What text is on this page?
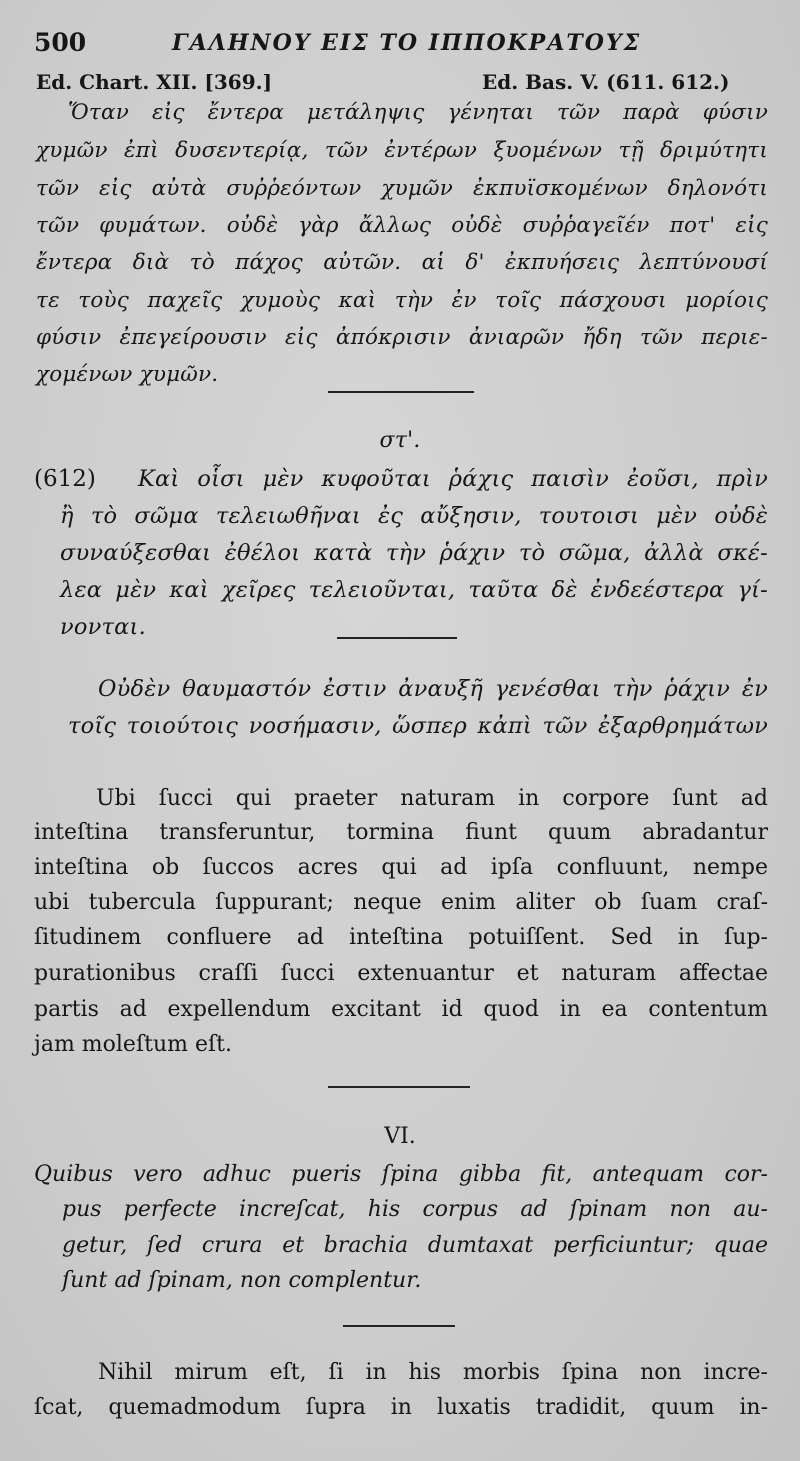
500	ΓΑΛΗΝΟΥ ΕΙΣ ΤΟ ΙΠΠΟΚΡΑΤΟΥΣ
Ed. Chart. XII. [369.]	Ed. Bas. V. (611. 612.)
Ὅταν εἰς ἔντερα μετάληψις γένηται τῶν παρὰ φύσιν
χυμῶν ἐπὶ δυσεντερίᾳ, τῶν ἐντέρων ξυομένων τῇ δριμύτητι
τῶν εἰς αὐτὰ συῤῥεόντων χυμῶν ἐκπυϊσκομένων δηλονότι
τῶν φυμάτων. οὐδὲ γὰρ ἄλλως οὐδὲ συῤῥαγεῖέν ποτ' εἰς
ἔντερα διὰ τὸ πάχος αὐτῶν. αἱ δ' ἐκπυήσεις λεπτύνουσί
τε τοὺς παχεῖς χυμοὺς καὶ τὴν ἐν τοῖς πάσχουσι μορίοις
φύσιν ἐπεγείρουσιν εἰς ἀπόκρισιν ἀνιαρῶν ἤδη τῶν περιε-
χομένων χυμῶν.
στ'.
(612) Καὶ οἷσι μὲν κυφοῦται ῥάχις παισὶν ἐοῦσι, πρὶν
ἢ τὸ σῶμα τελειωθῆναι ἐς αὔξησιν, τουτοισι μὲν οὐδὲ
συναύξεσθαι ἐθέλοι κατὰ τὴν ῥάχιν τὸ σῶμα, ἀλλὰ σκέ-
λεα μὲν καὶ χεῖρες τελειοῦνται, ταῦτα δὲ ἐνδεέστερα γί-
νονται.
Οὐδὲν θαυμαστόν ἐστιν ἀναυξῆ γενέσθαι τὴν ῥάχιν ἐν
τοῖς τοιούτοις νοσήμασιν, ὥσπερ κἀπὶ τῶν ἐξαρθρημάτων
Ubi ſucci qui praeter naturam in corpore ſunt ad
inteſtina transferuntur, tormina fiunt quum abradantur
inteſtina ob ſuccos acres qui ad ipſa confluunt, nempe
ubi tubercula ſuppurant; neque enim aliter ob ſuam craſ-
ſitudinem confluere ad inteſtina potuiſſent. Sed in ſup-
purationibus craſſi ſucci extenuantur et naturam affectae
partis ad expellendum excitant id quod in ea contentum
jam moleſtum eſt.
VI.
Quibus vero adhuc pueris ſpina gibba fit, antequam cor-
pus perfecte increſcat, his corpus ad ſpinam non au-
getur, ſed crura et brachia dumtaxat perficiuntur; quae
ſunt ad ſpinam, non complentur.
Nihil mirum eſt, ſi in his morbis ſpina non incre-
ſcat, quemadmodum ſupra in luxatis tradidit, quum in-
